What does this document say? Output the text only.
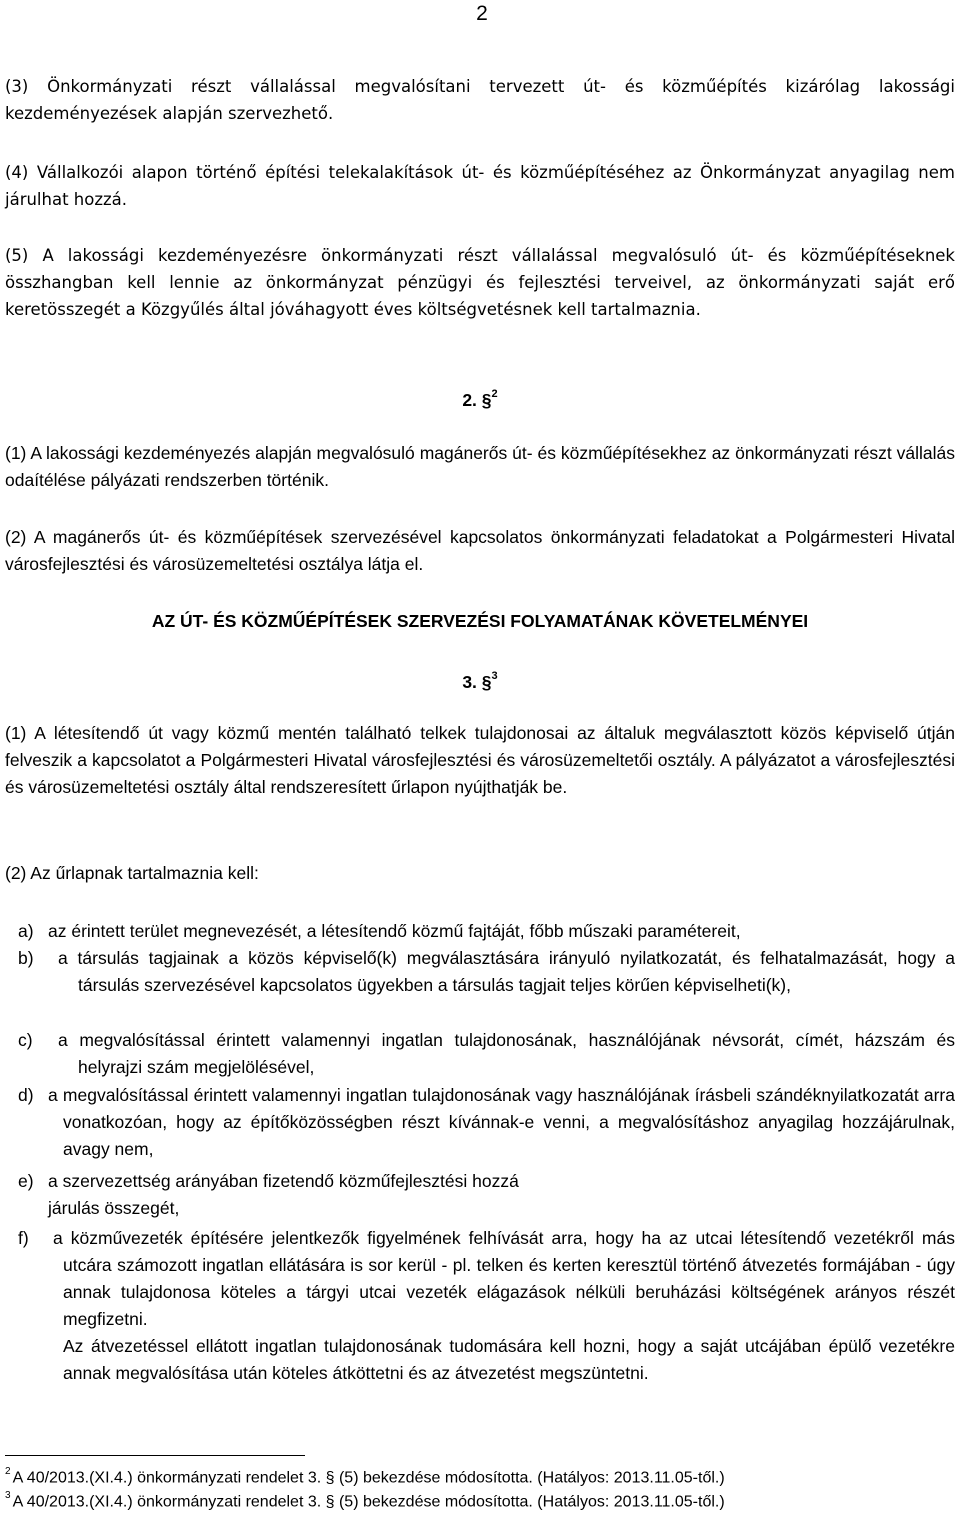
2

(3) Önkormányzati részt vállalással megvalósítani tervezett út- és közműépítés kizárólag lakossági kezdeményezések alapján szervezhető.

(4) Vállalkozói alapon történő építési telekalakítások út- és közműépítéséhez az Önkormányzat anyagilag nem járulhat hozzá.

(5) A lakossági kezdeményezésre önkormányzati részt vállalással megvalósuló út- és közműépítéseknek összhangban kell lennie az önkormányzat pénzügyi és fejlesztési terveivel, az önkormányzati saját erő keretösszegét a Közgyűlés által jóváhagyott éves költségvetésnek kell tartalmaznia.

2. §$^2$

(1) A lakossági kezdeményezés alapján megvalósuló magánerős út- és közműépítésekhez az önkormányzati részt vállalás odaítélése pályázati rendszerben történik.

(2) A magánerős út- és közműépítések szervezésével kapcsolatos önkormányzati feladatokat a Polgármesteri Hivatal városfejlesztési és városüzemeltetési osztálya látja el.

AZ ÚT- ÉS KÖZMŰÉPÍTÉSEK SZERVEZÉSI FOLYAMATÁNAK KÖVETELMÉNYEI
3. §$^3$

(1) A létesítendő út vagy közmű mentén található telkek tulajdonosai az általuk megválasztott közös képviselő útján felveszik a kapcsolatot a Polgármesteri Hivatal városfejlesztési és városüzemeltetői osztály. A pályázatot a városfejlesztési és városüzemeltetési osztály által rendszeresített űrlapon nyújthatják be.

(2) Az űrlapnak tartalmaznia kell:

a) az érintett terület megnevezését, a létesítendő közmű fajtáját, főbb műszaki paramétereit,
b)	a társulás tagjainak a közös képviselő(k) megválasztására irányuló nyilatkozatát, és felhatalmazását, hogy a társulás szervezésével kapcsolatos ügyekben a társulás tagjait teljes körűen képviselheti(k),
c)	a megvalósítással érintett valamennyi ingatlan tulajdonosának, használójának névsorát, címét, házszám és helyrajzi szám megjelölésével,
d) a megvalósítással érintett valamennyi ingatlan tulajdonosának vagy használójának írásbeli szándéknyilatkozatát arra vonatkozóan, hogy az építőközösségben részt kívánnak-e venni, a megvalósításhoz anyagilag hozzájárulnak, avagy nem,
e) a szervezettség arányában fizetendő közműfejlesztési hozzá
járulás összegét,
f)	a közművezeték építésére jelentkezők figyelmének felhívását arra, hogy ha az utcai létesítendő vezetékről más utcára számozott ingatlan ellátására is sor kerül - pl. telken és kerten keresztül történő átvezetés formájában - úgy annak tulajdonosa köteles a tárgyi utcai vezeték elágazások nélküli beruházási költségének arányos részét megfizetni.
Az átvezetéssel ellátott ingatlan tulajdonosának tudomására kell hozni, hogy a saját utcájában épülő vezetékre annak megvalósítása után köteles átköttetni és az átvezetést megszüntetni.
$^2$ A 40/2013.(XI.4.) önkormányzati rendelet 3. § (5) bekezdése módosította. (Hatályos: 2013.11.05-től.)
$^3$ A 40/2013.(XI.4.) önkormányzati rendelet 3. § (5) bekezdése módosította. (Hatályos: 2013.11.05-től.)
